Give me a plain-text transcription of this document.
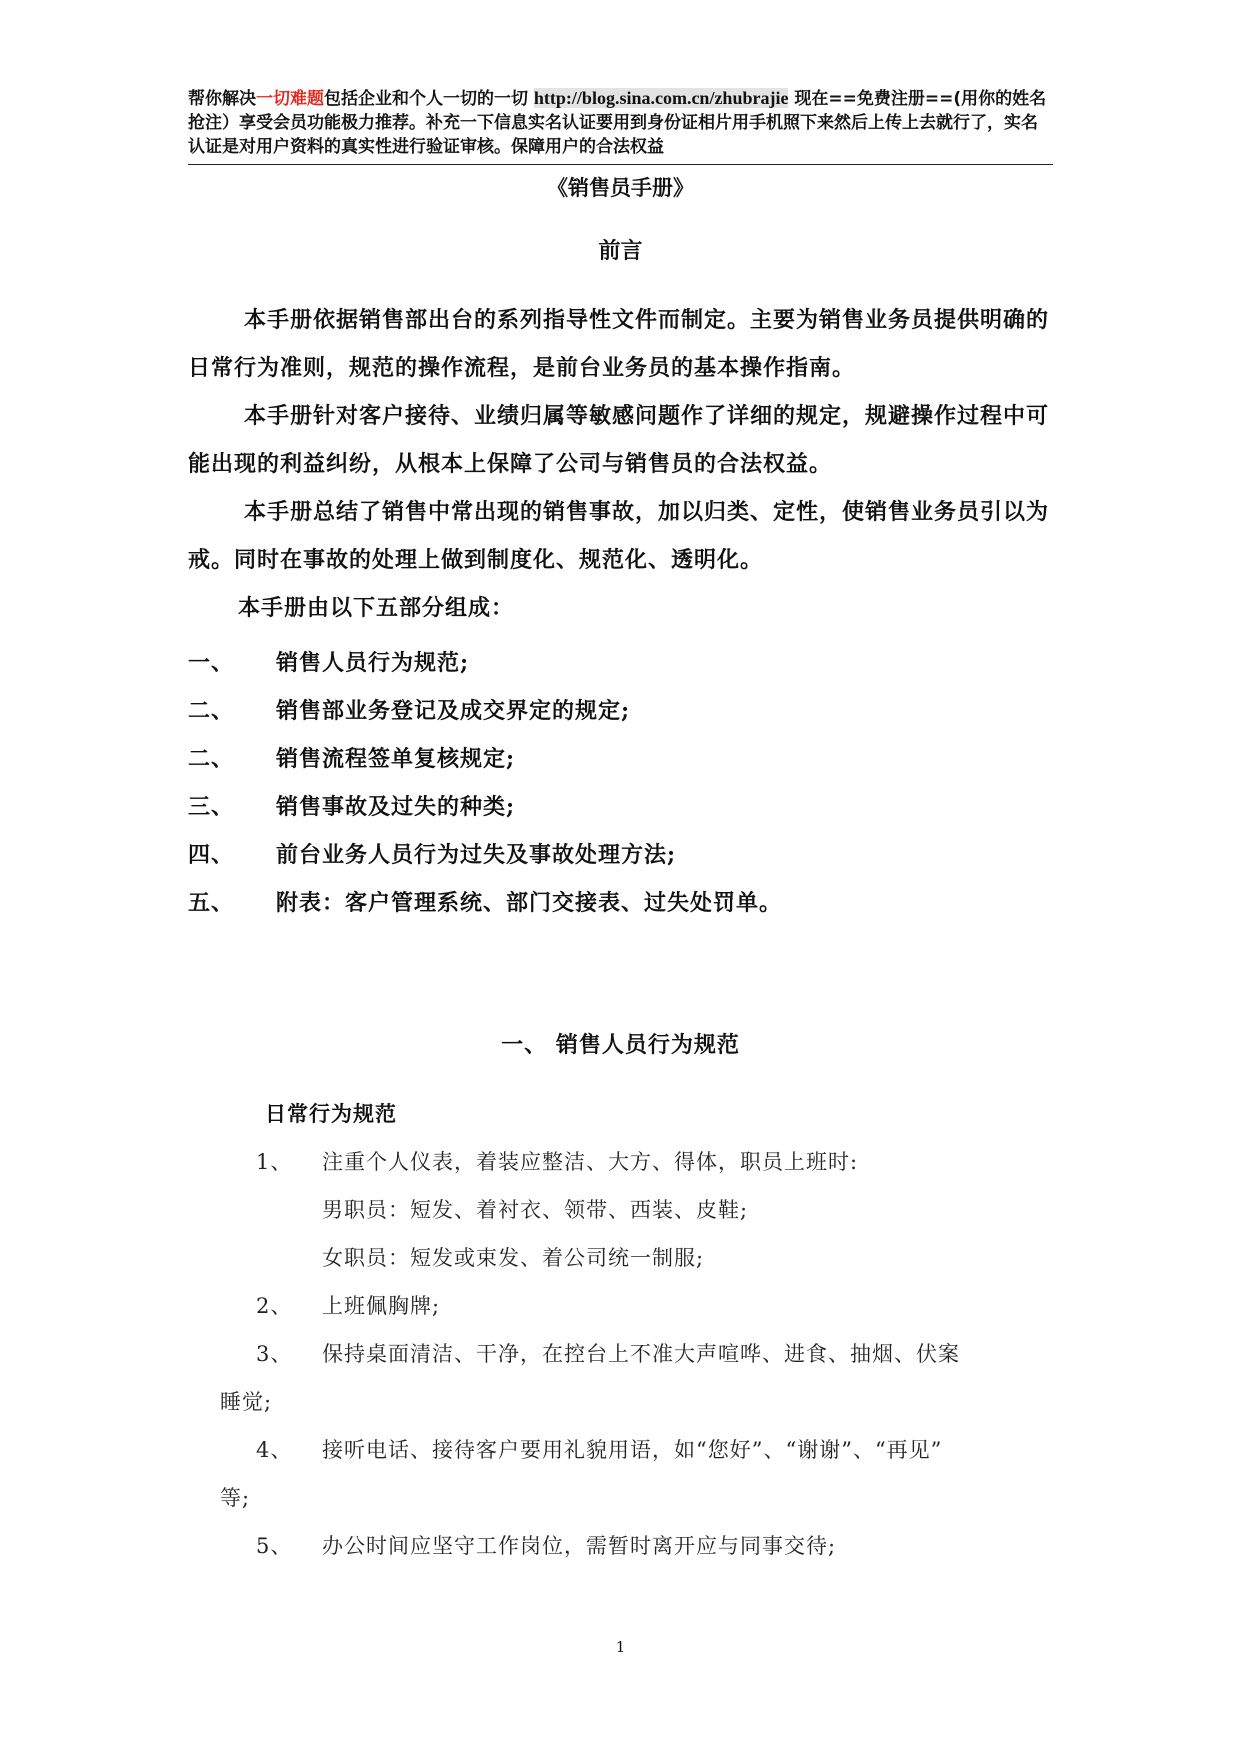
帮你解决一切难题包括企业和个人一切的一切 http://blog.sina.com.cn/zhubrajie 现在==免费注册==(用你的姓名抢注）享受会员功能极力推荐。补充一下信息实名认证要用到身份证相片用手机照下来然后上传上去就行了，实名认证是对用户资料的真实性进行验证审核。保障用户的合法权益
《销售员手册》
前言
本手册依据销售部出台的系列指导性文件而制定。主要为销售业务员提供明确的日常行为准则，规范的操作流程，是前台业务员的基本操作指南。
本手册针对客户接待、业绩归属等敏感问题作了详细的规定，规避操作过程中可能出现的利益纠纷，从根本上保障了公司与销售员的合法权益。
本手册总结了销售中常出现的销售事故，加以归类、定性，使销售业务员引以为戒。同时在事故的处理上做到制度化、规范化、透明化。
本手册由以下五部分组成：
一、 销售人员行为规范;
二、 销售部业务登记及成交界定的规定;
二、 销售流程签单复核规定;
三、 销售事故及过失的种类;
四、 前台业务人员行为过失及事故处理方法;
五、 附表：客户管理系统、部门交接表、过失处罚单。
一、 销售人员行为规范
日常行为规范
1、 注重个人仪表，着装应整洁、大方、得体，职员上班时:
男职员：短发、着衬衣、领带、西装、皮鞋;
女职员：短发或束发、着公司统一制服;
2、 上班佩胸牌;
3、 保持桌面清洁、干净，在控台上不准大声喧哗、进食、抽烟、伏案
睡觉;
4、 接听电话、接待客户要用礼貌用语，如“您好”、“谢谢”、“再见”
等;
5、 办公时间应坚守工作岗位，需暂时离开应与同事交待;
1
